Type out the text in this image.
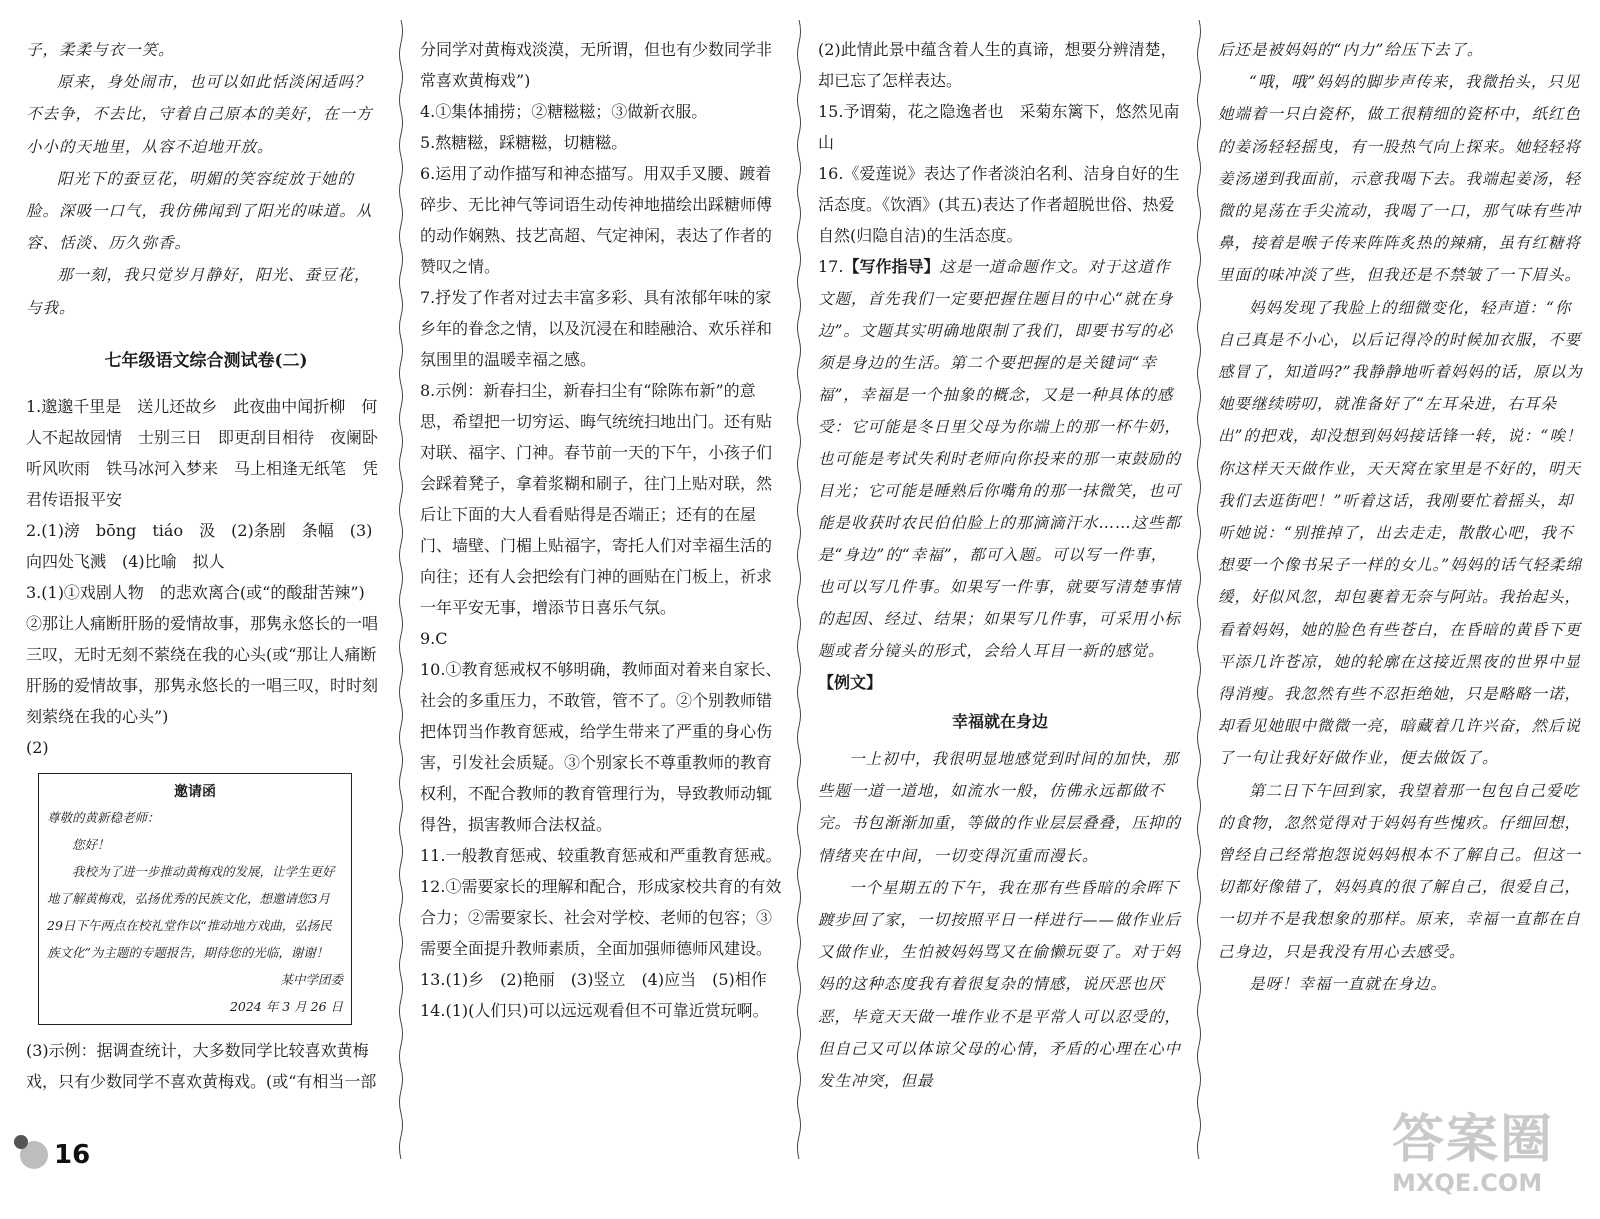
子，柔柔与衣一笑。

原来，身处闹市，也可以如此恬淡闲适吗？不去争，不去比，守着自己原本的美好，在一方小小的天地里，从容不迫地开放。

阳光下的蚕豆花，明媚的笑容绽放于她的脸。深吸一口气，我仿佛闻到了阳光的味道。从容、恬淡、历久弥香。

那一刻，我只觉岁月静好，阳光、蚕豆花，与我。

七年级语文综合测试卷(二)

1.邈邈千里是　送儿还故乡　此夜曲中闻折柳　何人不起故园情　士别三日　即更刮目相待　夜阑卧听风吹雨　铁马冰河入梦来　马上相逢无纸笔　凭君传语报平安

2.(1)滂　bōng　tiáo　汲　(2)条剧　条幅　(3)向四处飞溅　(4)比喻　拟人

3.(1)①戏剧人物　的悲欢离合(或“的酸甜苦辣”)

②那让人痛断肝肠的爱情故事，那隽永悠长的一唱三叹，无时无刻不萦绕在我的心头(或“那让人痛断肝肠的爱情故事，那隽永悠长的一唱三叹，时时刻刻萦绕在我的心头”)

(2)

邀请函
尊敬的黄新稳老师：
您好！
我校为了进一步推动黄梅戏的发展，让学生更好地了解黄梅戏，弘扬优秀的民族文化，想邀请您3月29日下午两点在校礼堂作以“推动地方戏曲，弘扬民族文化”为主题的专题报告，期待您的光临，谢谢！
某中学团委
2024 年 3 月 26 日

(3)示例：据调查统计，大多数同学比较喜欢黄梅戏，只有少数同学不喜欢黄梅戏。(或“有相当一部

分同学对黄梅戏淡漠，无所谓，但也有少数同学非常喜欢黄梅戏”)

4.①集体捕捞；②糖糍糍；③做新衣服。

5.熬糖糍，踩糖糍，切糖糍。

6.运用了动作描写和神态描写。用双手叉腰、踱着碎步、无比神气等词语生动传神地描绘出踩糖师傅的动作娴熟、技艺高超、气定神闲，表达了作者的赞叹之情。

7.抒发了作者对过去丰富多彩、具有浓郁年味的家乡年的眷念之情，以及沉浸在和睦融洽、欢乐祥和氛围里的温暖幸福之感。

8.示例：新春扫尘，新春扫尘有“除陈布新”的意思，希望把一切穷运、晦气统统扫地出门。还有贴对联、福字、门神。春节前一天的下午，小孩子们会踩着凳子，拿着浆糊和刷子，往门上贴对联，然后让下面的大人看看贴得是否端正；还有的在屋门、墙壁、门楣上贴福字，寄托人们对幸福生活的向往；还有人会把绘有门神的画贴在门板上，祈求一年平安无事，增添节日喜乐气氛。

9.C

10.①教育惩戒权不够明确，教师面对着来自家长、社会的多重压力，不敢管，管不了。②个别教师错把体罚当作教育惩戒，给学生带来了严重的身心伤害，引发社会质疑。③个别家长不尊重教师的教育权利，不配合教师的教育管理行为，导致教师动辄得咎，损害教师合法权益。

11.一般教育惩戒、较重教育惩戒和严重教育惩戒。

12.①需要家长的理解和配合，形成家校共育的有效合力；②需要家长、社会对学校、老师的包容；③需要全面提升教师素质，全面加强师德师风建设。

13.(1)乡　(2)艳丽　(3)竖立　(4)应当　(5)相作

14.(1)(人们只)可以远远观看但不可靠近赏玩啊。

(2)此情此景中蕴含着人生的真谛，想要分辨清楚，却已忘了怎样表达。

15.予谓菊，花之隐逸者也　采菊东篱下，悠然见南山

16.《爱莲说》表达了作者淡泊名利、洁身自好的生活态度。《饮酒》(其五)表达了作者超脱世俗、热爱自然(归隐自洁)的生活态度。

17.【写作指导】这是一道命题作文。对于这道作文题，首先我们一定要把握住题目的中心“就在身边”。文题其实明确地限制了我们，即要书写的必须是身边的生活。第二个要把握的是关键词“幸福”，幸福是一个抽象的概念，又是一种具体的感受：它可能是冬日里父母为你端上的那一杯牛奶，也可能是考试失利时老师向你投来的那一束鼓励的目光；它可能是睡熟后你嘴角的那一抹微笑，也可能是收获时农民伯伯脸上的那滴滴汗水……这些都是“身边”的“幸福”，都可入题。可以写一件事，也可以写几件事。如果写一件事，就要写清楚事情的起因、经过、结果；如果写几件事，可采用小标题或者分镜头的形式，会给人耳目一新的感觉。

【例文】

幸福就在身边

一上初中，我很明显地感觉到时间的加快，那些题一道一道地，如流水一般，仿佛永远都做不完。书包渐渐加重，等做的作业层层叠叠，压抑的情绪夹在中间，一切变得沉重而漫长。

一个星期五的下午，我在那有些昏暗的余晖下踱步回了家，一切按照平日一样进行——做作业后又做作业，生怕被妈妈骂又在偷懒玩耍了。对于妈妈的这种态度我有着很复杂的情感，说厌恶也厌恶，毕竟天天做一堆作业不是平常人可以忍受的，但自己又可以体谅父母的心情，矛盾的心理在心中发生冲突，但最

后还是被妈妈的“内力”给压下去了。

“哦，哦”妈妈的脚步声传来，我微抬头，只见她端着一只白瓷杯，做工很精细的瓷杯中，纸红色的姜汤轻轻摇曳，有一股热气向上探来。她轻轻将姜汤递到我面前，示意我喝下去。我端起姜汤，轻微的晃荡在手尖流动，我喝了一口，那气味有些冲鼻，接着是喉子传来阵阵炙热的辣痛，虽有红糖将里面的味冲淡了些，但我还是不禁皱了一下眉头。

妈妈发现了我脸上的细微变化，轻声道：“你自己真是不小心，以后记得冷的时候加衣服，不要感冒了，知道吗?”我静静地听着妈妈的话，原以为她要继续唠叨，就准备好了“左耳朵进，右耳朵出”的把戏，却没想到妈妈接话锋一转，说：“唉！你这样天天做作业，天天窝在家里是不好的，明天我们去逛街吧！”听着这话，我刚要忙着摇头，却听她说：“别推掉了，出去走走，散散心吧，我不想要一个像书呆子一样的女儿。”妈妈的话气轻柔绵缓，好似风忽，却包裹着无奈与阿站。我抬起头，看着妈妈，她的脸色有些苍白，在昏暗的黄昏下更平添几许苍凉，她的轮廓在这接近黑夜的世界中显得消瘦。我忽然有些不忍拒绝她，只是略略一诺，却看见她眼中微微一亮，暗藏着几许兴奋，然后说了一句让我好好做作业，便去做饭了。

第二日下午回到家，我望着那一包包自己爱吃的食物，忽然觉得对于妈妈有些愧疚。仔细回想，曾经自己经常抱怨说妈妈根本不了解自己。但这一切都好像错了，妈妈真的很了解自己，很爱自己，一切并不是我想象的那样。原来，幸福一直都在自己身边，只是我没有用心去感受。

是呀！幸福一直就在身边。

16	答案圈
MXQE.COM
